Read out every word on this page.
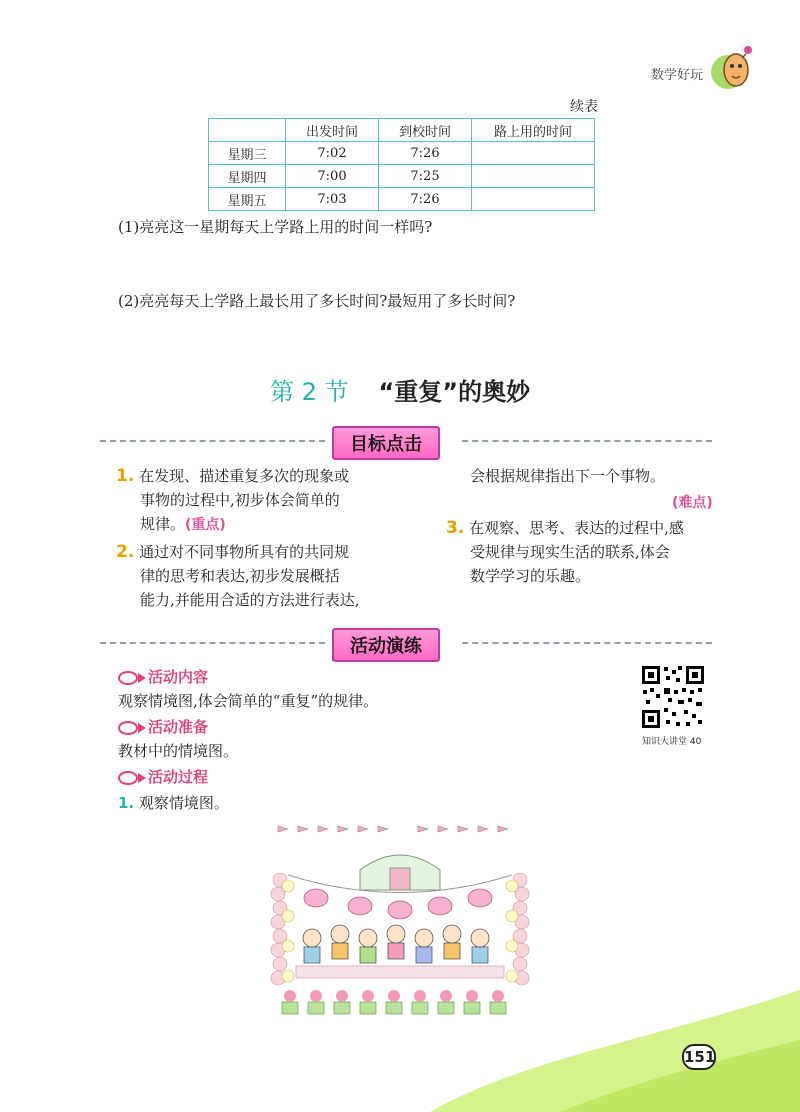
数学好玩
续表
	出发时间	到校时间	路上用的时间
星期三	7:02	7:26	
星期四	7:00	7:25	
星期五	7:03	7:26	
(1)亮亮这一星期每天上学路上用的时间一样吗?
(2)亮亮每天上学路上最长用了多长时间?最短用了多长时间?
第 2 节 “重复”的奥妙
目标点击
1. 在发现、描述重复多次的现象或
事物的过程中,初步体会简单的
规律。(重点)
2. 通过对不同事物所具有的共同规
律的思考和表达,初步发展概括
能力,并能用合适的方法进行表达,
会根据规律指出下一个事物。
(难点)
3. 在观察、思考、表达的过程中,感
受规律与现实生活的联系,体会
数学学习的乐趣。
活动演练
活动内容
观察情境图,体会简单的“重复”的规律。
活动准备
教材中的情境图。
活动过程
1. 观察情境图。
知识大讲堂 40
151
